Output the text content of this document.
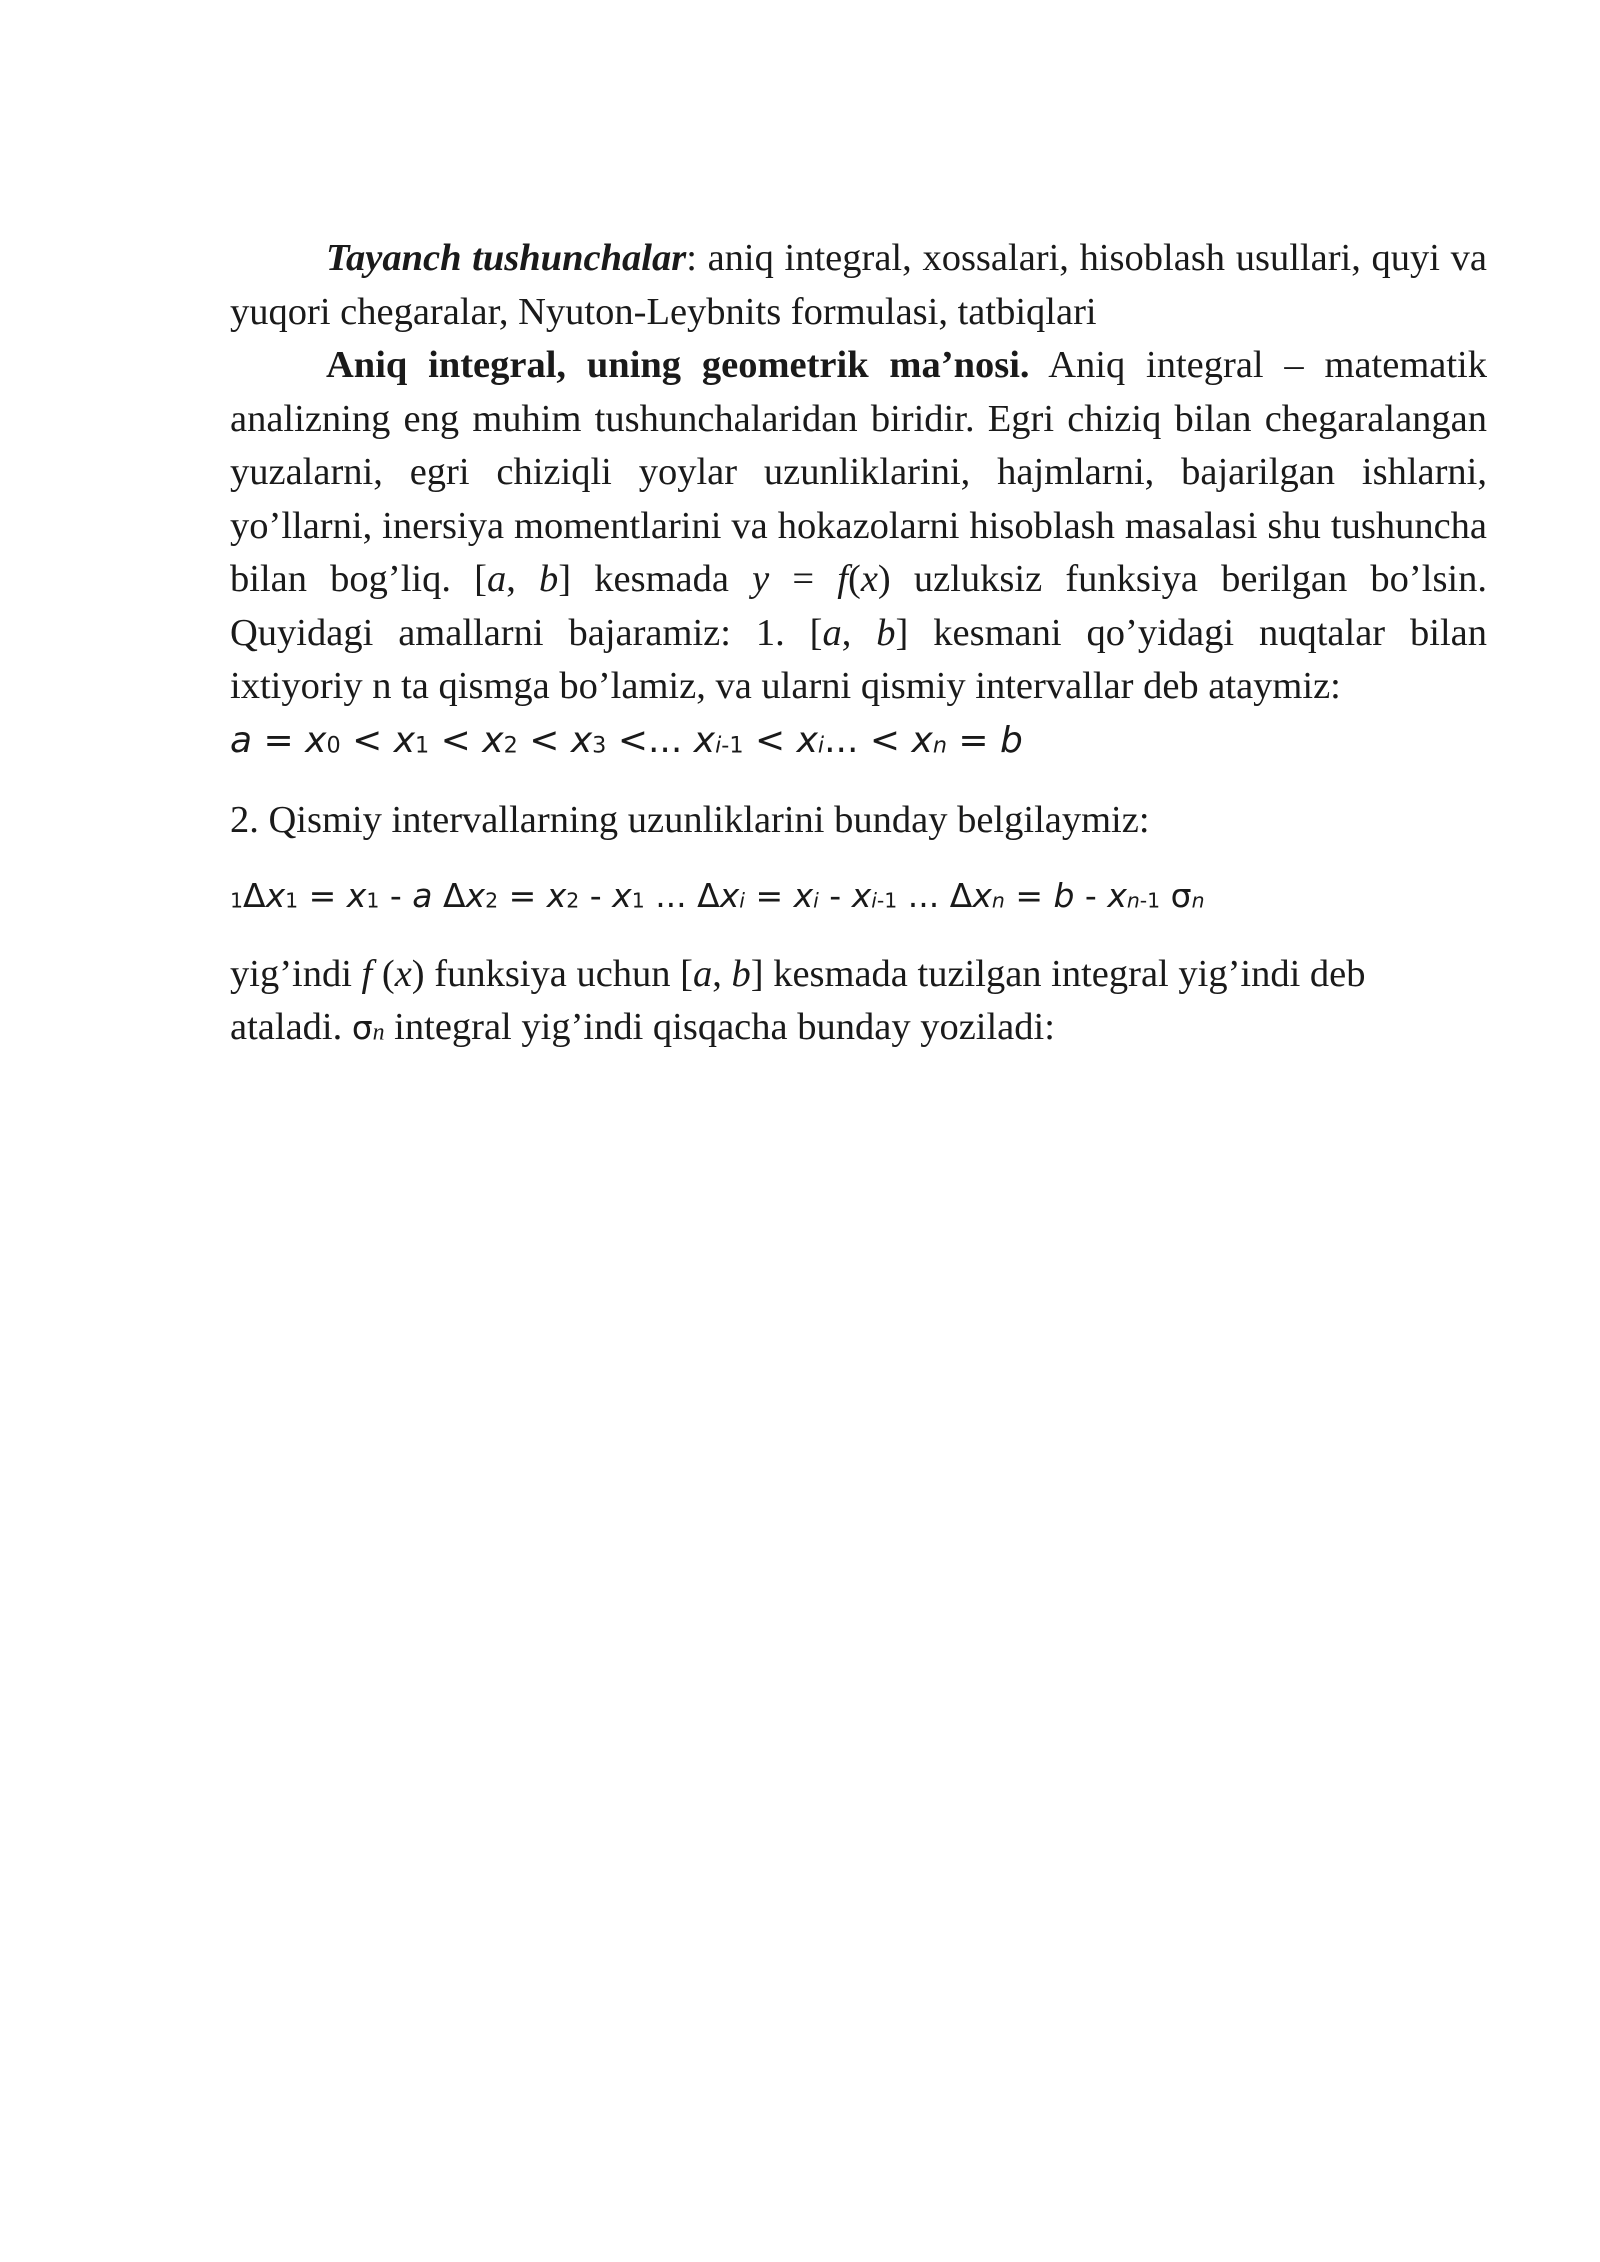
Tayanch tushunchalar: aniq integral, xossalari, hisoblash usullari, quyi va yuqori chegaralar, Nyuton-Leybnits formulasi, tatbiqlari

Aniq integral, uning geometrik ma’nosi. Aniq integral – matematik analizning eng muhim tushunchalaridan biridir. Egri chiziq bilan chegaralangan yuzalarni, egri chiziqli yoylar uzunliklarini, hajmlarni, bajarilgan ishlarni, yo’llarni, inersiya momentlarini va hokazolarni hisoblash masalasi shu tushuncha bilan bog’liq. [a, b] kesmada y = f(x) uzluksiz funksiya berilgan bo’lsin. Quyidagi amallarni bajaramiz: 1. [a, b] kesmani qo’yidagi nuqtalar bilan ixtiyoriy n ta qismga bo’lamiz, va ularni qismiy intervallar deb ataymiz:

a = x0 < x1 < x2 < x3 <... xi-1 < xi... < xn = b

2. Qismiy intervallarning uzunliklarini bunday belgilaymiz:

1Δx1 = x1 - a Δx2 = x2 - x1 ... Δxi = xi - xi-1 ... Δxn = b - xn-1 σn

yig’indi f (x) funksiya uchun [a, b] kesmada tuzilgan integral yig’indi deb

ataladi. σn integral yig’indi qisqacha bunday yoziladi:
